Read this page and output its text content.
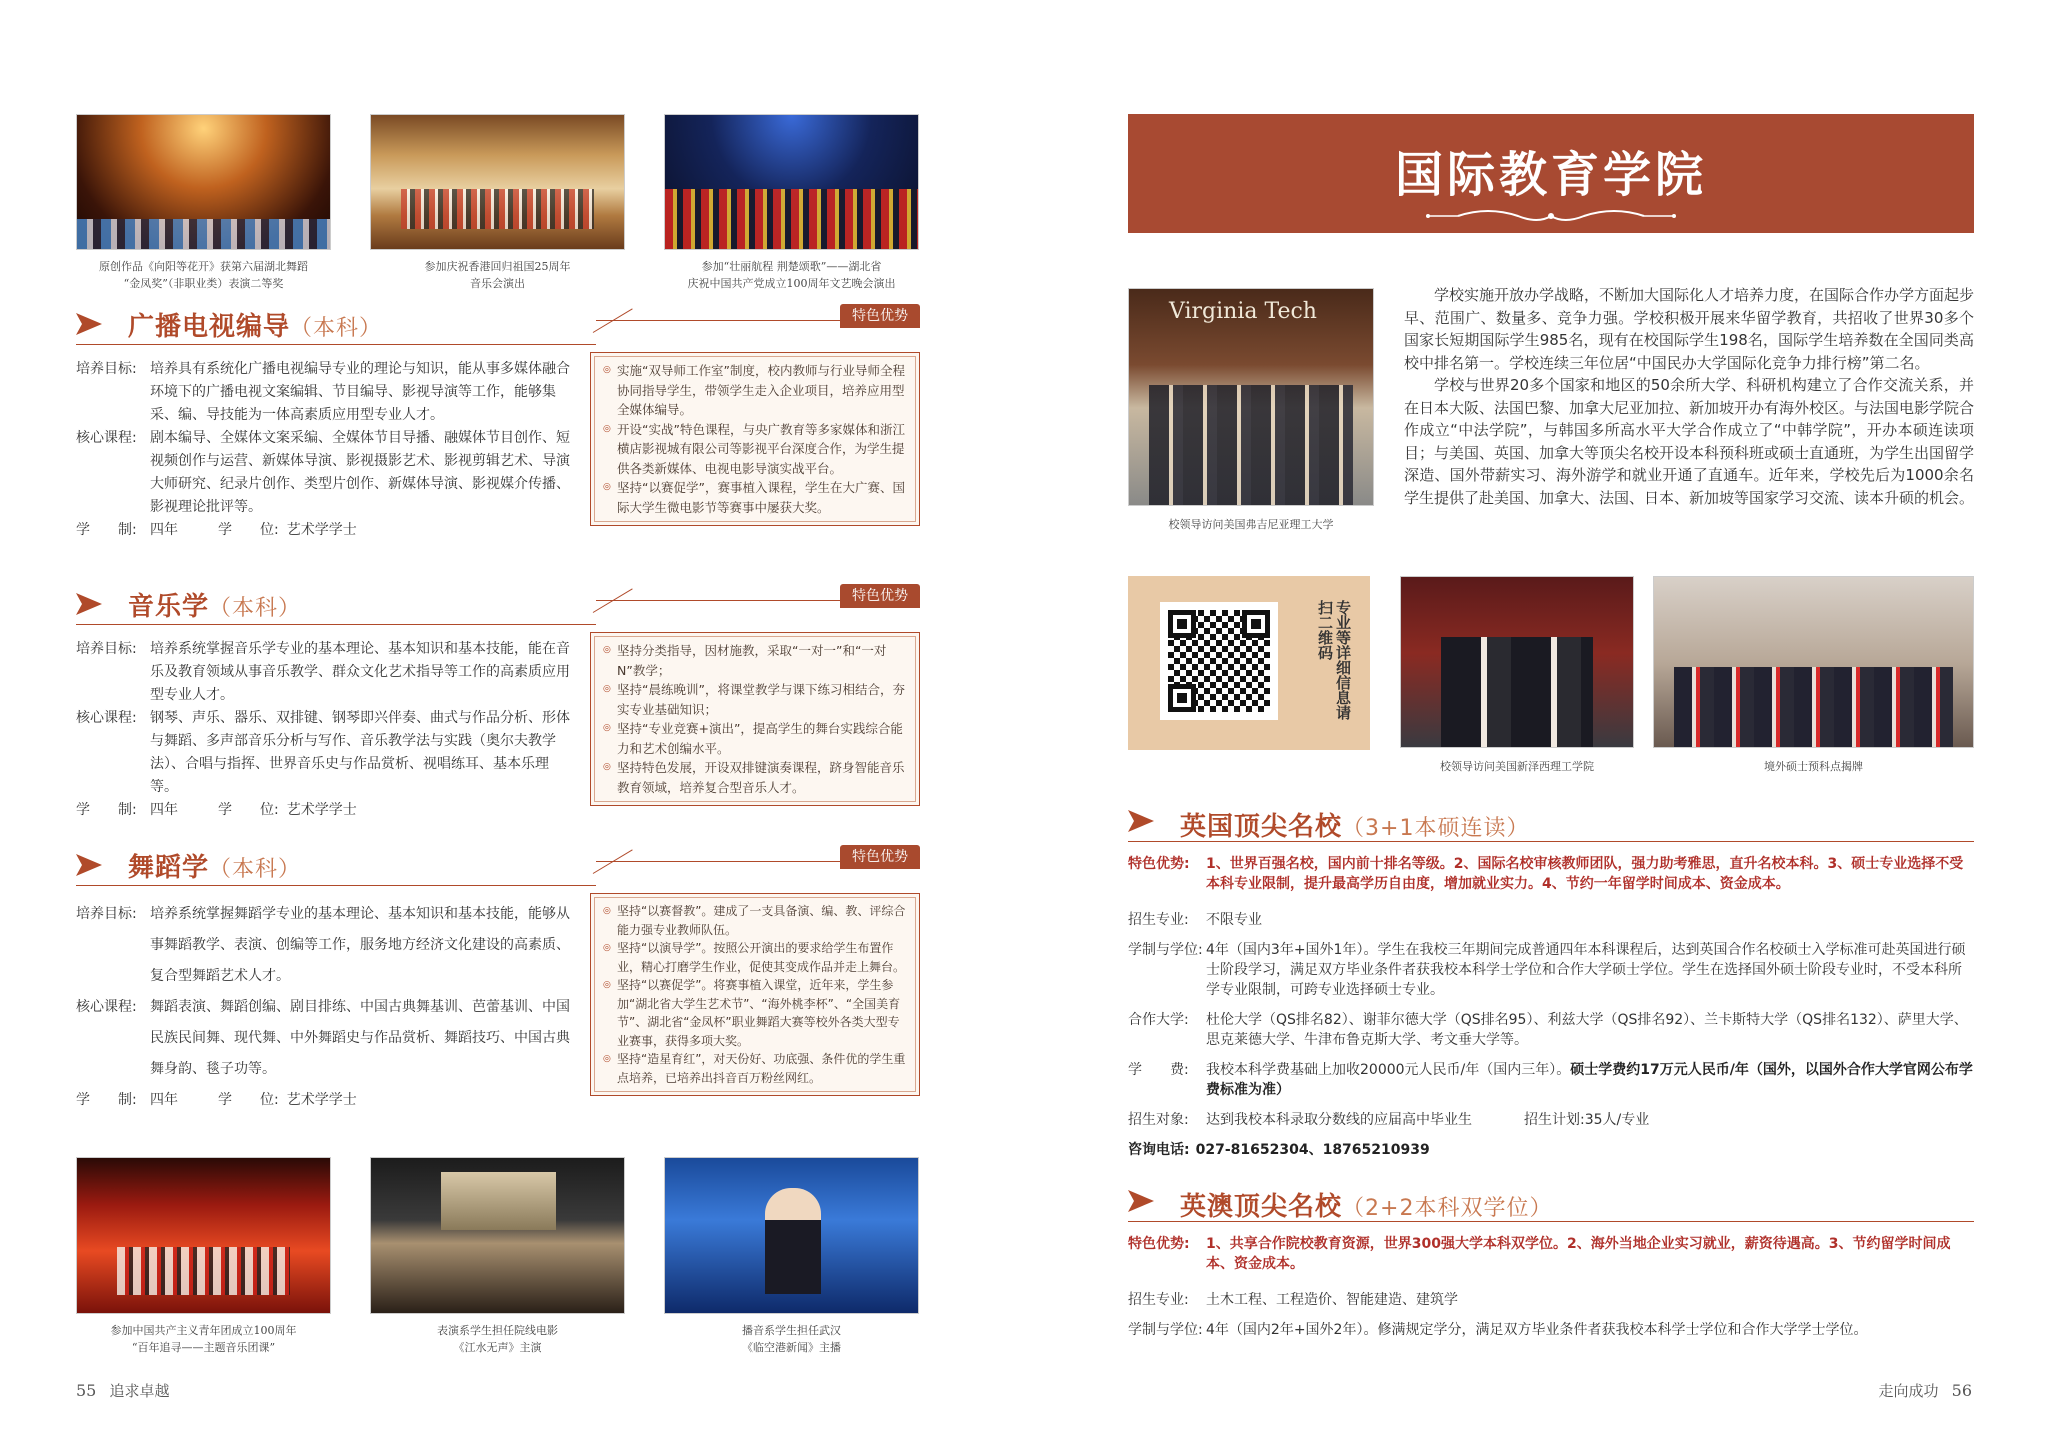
原创作品《向阳等花开》获第六届湖北舞蹈
“金凤奖”（非职业类）表演二等奖
参加庆祝香港回归祖国25周年
音乐会演出
参加“壮丽航程 荆楚颂歌”——湖北省
庆祝中国共产党成立100周年文艺晚会演出
广播电视编导（本科）	特色优势
培养目标: 培养具有系统化广播电视编导专业的理论与知识，能从事多媒体融合环境下的广播电视文案编辑、节目编导、影视导演等工作，能够集采、编、导技能为一体高素质应用型专业人才。
核心课程: 剧本编导、全媒体文案采编、全媒体节目导播、融媒体节目创作、短视频创作与运营、新媒体导演、影视摄影艺术、影视剪辑艺术、导演大师研究、纪录片创作、类型片创作、新媒体导演、影视媒介传播、影视理论批评等。
学　　制: 四年	学　　位: 艺术学学士
◎ 实施“双导师工作室”制度，校内教师与行业导师全程协同指导学生，带领学生走入企业项目，培养应用型全媒体编导。
◎ 开设“实战”特色课程，与央广教育等多家媒体和浙江横店影视城有限公司等影视平台深度合作，为学生提供各类新媒体、电视电影导演实战平台。
◎ 坚持“以赛促学”，赛事植入课程，学生在大广赛、国际大学生微电影节等赛事中屡获大奖。
音乐学（本科）	特色优势
培养目标: 培养系统掌握音乐学专业的基本理论、基本知识和基本技能，能在音乐及教育领域从事音乐教学、群众文化艺术指导等工作的高素质应用型专业人才。
核心课程: 钢琴、声乐、器乐、双排键、钢琴即兴伴奏、曲式与作品分析、形体与舞蹈、多声部音乐分析与写作、音乐教学法与实践（奥尔夫教学法）、合唱与指挥、世界音乐史与作品赏析、视唱练耳、基本乐理等。
学　　制: 四年	学　　位: 艺术学学士
◎ 坚持分类指导，因材施教，采取“一对一”和“一对N”教学；
◎ 坚持“晨练晚训”，将课堂教学与课下练习相结合，夯实专业基础知识；
◎ 坚持“专业竞赛+演出”，提高学生的舞台实践综合能力和艺术创编水平。
◎ 坚持特色发展，开设双排键演奏课程，跻身智能音乐教育领域，培养复合型音乐人才。
舞蹈学（本科）	特色优势
培养目标: 培养系统掌握舞蹈学专业的基本理论、基本知识和基本技能，能够从事舞蹈教学、表演、创编等工作，服务地方经济文化建设的高素质、复合型舞蹈艺术人才。
核心课程: 舞蹈表演、舞蹈创编、剧目排练、中国古典舞基训、芭蕾基训、中国民族民间舞、现代舞、中外舞蹈史与作品赏析、舞蹈技巧、中国古典舞身韵、毯子功等。
学　　制: 四年	学　　位: 艺术学学士
◎ 坚持“以赛督教”。建成了一支具备演、编、教、评综合能力强专业教师队伍。
◎ 坚持“以演导学”。按照公开演出的要求给学生布置作业，精心打磨学生作业，促使其变成作品并走上舞台。
◎ 坚持“以赛促学”。将赛事植入课堂，近年来，学生参加“湖北省大学生艺术节”、“海外桃李杯”、“全国美育节”、湖北省“金凤杯”职业舞蹈大赛等校外各类大型专业赛事，获得多项大奖。
◎ 坚持“造星育红”，对天份好、功底强、条件优的学生重点培养，已培养出抖音百万粉丝网红。
参加中国共产主义青年团成立100周年
“百年追寻——主题音乐团课”
表演系学生担任院线电影
《江水无声》主演
播音系学生担任武汉
《临空港新闻》主播
55 追求卓越
国际教育学院
Virginia Tech
校领导访问美国弗吉尼亚理工大学

学校实施开放办学战略，不断加大国际化人才培养力度，在国际合作办学方面起步早、范围广、数量多、竞争力强。学校积极开展来华留学教育，共招收了世界30多个国家长短期国际学生985名，现有在校国际学生198名，国际学生培养数在全国同类高校中排名第一。学校连续三年位居“中国民办大学国际化竞争力排行榜”第二名。

学校与世界20多个国家和地区的50余所大学、科研机构建立了合作交流关系，并在日本大阪、法国巴黎、加拿大尼亚加拉、新加坡开办有海外校区。与法国电影学院合作成立“中法学院”，与韩国多所高水平大学合作成立了“中韩学院”，开办本硕连读项目；与美国、英国、加拿大等顶尖名校开设本科预科班或硕士直通班，为学生出国留学深造、国外带薪实习、海外游学和就业开通了直通车。近年来，学校先后为1000余名学生提供了赴美国、加拿大、法国、日本、新加坡等国家学习交流、读本升硕的机会。

专业等详细信息请扫二维码
校领导访问美国新泽西理工学院	境外硕士预科点揭牌
英国顶尖名校（3+1本硕连读）
特色优势:	1、世界百强名校，国内前十排名等级。2、国际名校审核教师团队，强力助考雅思，直升名校本科。3、硕士专业选择不受本科专业限制，提升最高学历自由度，增加就业实力。4、节约一年留学时间成本、资金成本。
招生专业:	不限专业
学制与学位: 4年（国内3年+国外1年）。学生在我校三年期间完成普通四年本科课程后，达到英国合作名校硕士入学标准可赴英国进行硕士阶段学习，满足双方毕业条件者获我校本科学士学位和合作大学硕士学位。学生在选择国外硕士阶段专业时，不受本科所学专业限制，可跨专业选择硕士专业。
合作大学:	杜伦大学（QS排名82）、谢菲尔德大学（QS排名95）、利兹大学（QS排名92）、兰卡斯特大学（QS排名132）、萨里大学、思克莱德大学、牛津布鲁克斯大学、考文垂大学等。
学　　费:	我校本科学费基础上加收20000元人民币/年（国内三年）。硕士学费约17万元人民币/年（国外，以国外合作大学官网公布学费标准为准）
招生对象:	达到我校本科录取分数线的应届高中毕业生	招生计划:35人/专业
咨询电话: 027-81652304、18765210939
英澳顶尖名校（2+2本科双学位）
特色优势:	1、共享合作院校教育资源，世界300强大学本科双学位。2、海外当地企业实习就业，薪资待遇高。3、节约留学时间成本、资金成本。
招生专业:	土木工程、工程造价、智能建造、建筑学
学制与学位: 4年（国内2年+国外2年）。修满规定学分，满足双方毕业条件者获我校本科学士学位和合作大学学士学位。
走向成功 56
